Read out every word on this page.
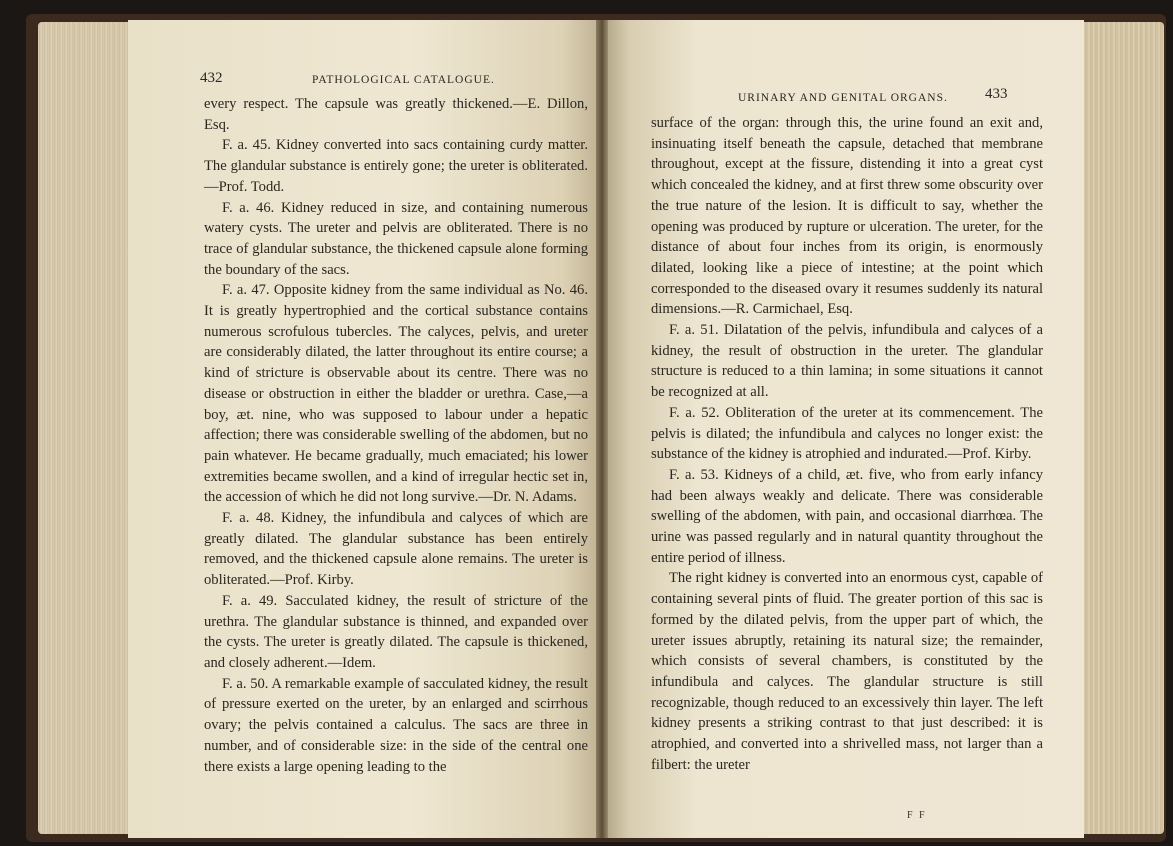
432	PATHOLOGICAL CATALOGUE.

every respect. The capsule was greatly thickened.—E. Dillon, Esq.

F. a. 45. Kidney converted into sacs containing curdy matter. The glandular substance is entirely gone; the ureter is obliterated.—Prof. Todd.

F. a. 46. Kidney reduced in size, and containing numerous watery cysts. The ureter and pelvis are obliterated. There is no trace of glandular substance, the thickened capsule alone forming the boundary of the sacs.

F. a. 47. Opposite kidney from the same individual as No. 46. It is greatly hypertrophied and the cortical substance contains numerous scrofulous tubercles. The calyces, pelvis, and ureter are considerably dilated, the latter throughout its entire course; a kind of stricture is observable about its centre. There was no disease or obstruction in either the bladder or urethra. Case,—a boy, æt. nine, who was supposed to labour under a hepatic affection; there was considerable swelling of the abdomen, but no pain whatever. He became gradually, much emaciated; his lower extremities became swollen, and a kind of irregular hectic set in, the accession of which he did not long survive.—Dr. N. Adams.

F. a. 48. Kidney, the infundibula and calyces of which are greatly dilated. The glandular substance has been entirely removed, and the thickened capsule alone remains. The ureter is obliterated.—Prof. Kirby.

F. a. 49. Sacculated kidney, the result of stricture of the urethra. The glandular substance is thinned, and expanded over the cysts. The ureter is greatly dilated. The capsule is thickened, and closely adherent.—Idem.

F. a. 50. A remarkable example of sacculated kidney, the result of pressure exerted on the ureter, by an enlarged and scirrhous ovary; the pelvis contained a calculus. The sacs are three in number, and of considerable size: in the side of the central one there exists a large opening leading to the

URINARY AND GENITAL ORGANS. 433

surface of the organ: through this, the urine found an exit and, insinuating itself beneath the capsule, detached that membrane throughout, except at the fissure, distending it into a great cyst which concealed the kidney, and at first threw some obscurity over the true nature of the lesion. It is difficult to say, whether the opening was produced by rupture or ulceration. The ureter, for the distance of about four inches from its origin, is enormously dilated, looking like a piece of intestine; at the point which corresponded to the diseased ovary it resumes suddenly its natural dimensions.—R. Carmichael, Esq.

F. a. 51. Dilatation of the pelvis, infundibula and calyces of a kidney, the result of obstruction in the ureter. The glandular structure is reduced to a thin lamina; in some situations it cannot be recognized at all.

F. a. 52. Obliteration of the ureter at its commencement. The pelvis is dilated; the infundibula and calyces no longer exist: the substance of the kidney is atrophied and indurated.—Prof. Kirby.

F. a. 53. Kidneys of a child, æt. five, who from early infancy had been always weakly and delicate. There was considerable swelling of the abdomen, with pain, and occasional diarrhœa. The urine was passed regularly and in natural quantity throughout the entire period of illness.

The right kidney is converted into an enormous cyst, capable of containing several pints of fluid. The greater portion of this sac is formed by the dilated pelvis, from the upper part of which, the ureter issues abruptly, retaining its natural size; the remainder, which consists of several chambers, is constituted by the infundibula and calyces. The glandular structure is still recognizable, though reduced to an excessively thin layer. The left kidney presents a striking contrast to that just described: it is atrophied, and converted into a shrivelled mass, not larger than a filbert: the ureter

F F
